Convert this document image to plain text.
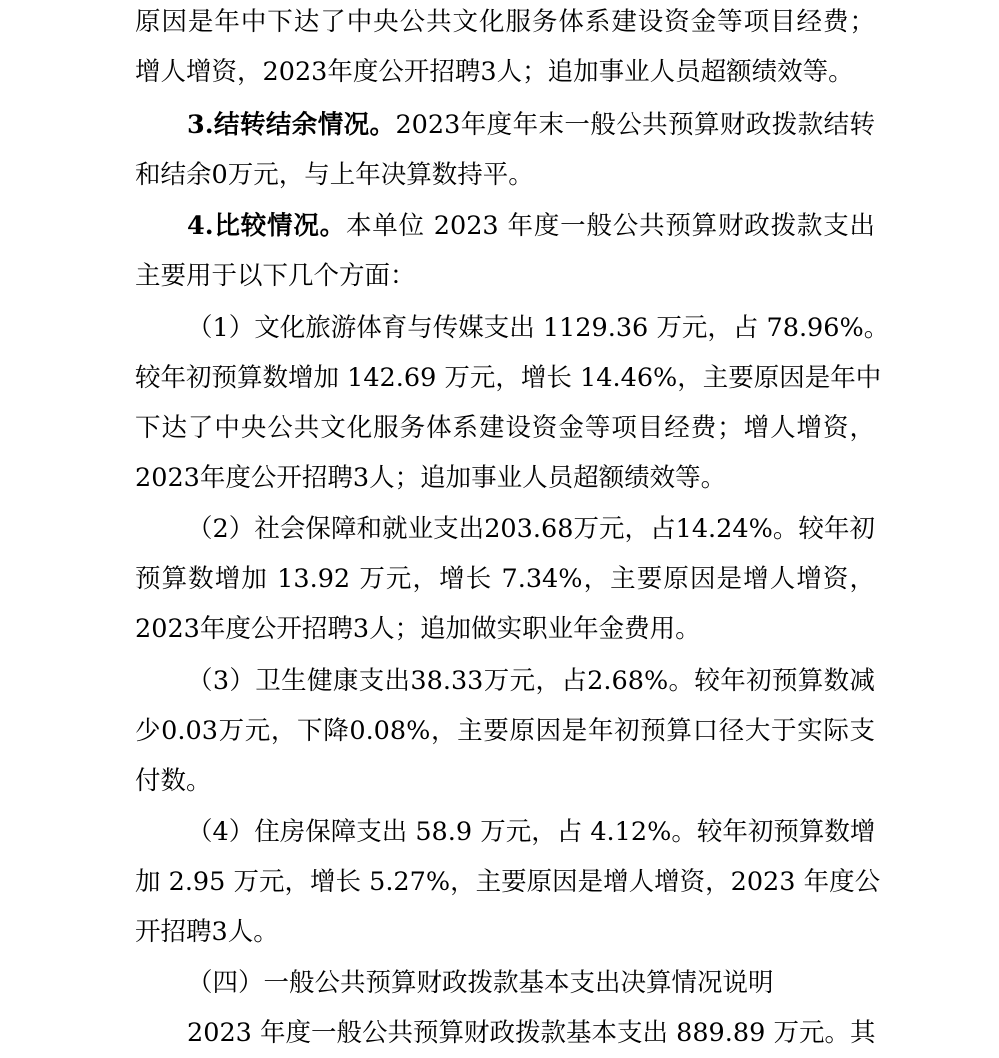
原因是年中下达了中央公共文化服务体系建设资金等项目经费；
增人增资，2023年度公开招聘3人；追加事业人员超额绩效等。
3.结转结余情况。2023年度年末一般公共预算财政拨款结转
和结余0万元，与上年决算数持平。
4.比较情况。本单位 2023 年度一般公共预算财政拨款支出
主要用于以下几个方面：
（1）文化旅游体育与传媒支出 1129.36 万元，占 78.96%。
较年初预算数增加 142.69 万元，增长 14.46%，主要原因是年中
下达了中央公共文化服务体系建设资金等项目经费；增人增资，
2023年度公开招聘3人；追加事业人员超额绩效等。
（2）社会保障和就业支出203.68万元，占14.24%。较年初
预算数增加 13.92 万元，增长 7.34%，主要原因是增人增资，
2023年度公开招聘3人；追加做实职业年金费用。
（3）卫生健康支出38.33万元，占2.68%。较年初预算数减
少0.03万元，下降0.08%，主要原因是年初预算口径大于实际支
付数。
（4）住房保障支出 58.9 万元，占 4.12%。较年初预算数增
加 2.95 万元，增长 5.27%，主要原因是增人增资，2023 年度公
开招聘3人。
（四）一般公共预算财政拨款基本支出决算情况说明
2023 年度一般公共预算财政拨款基本支出 889.89 万元。其
